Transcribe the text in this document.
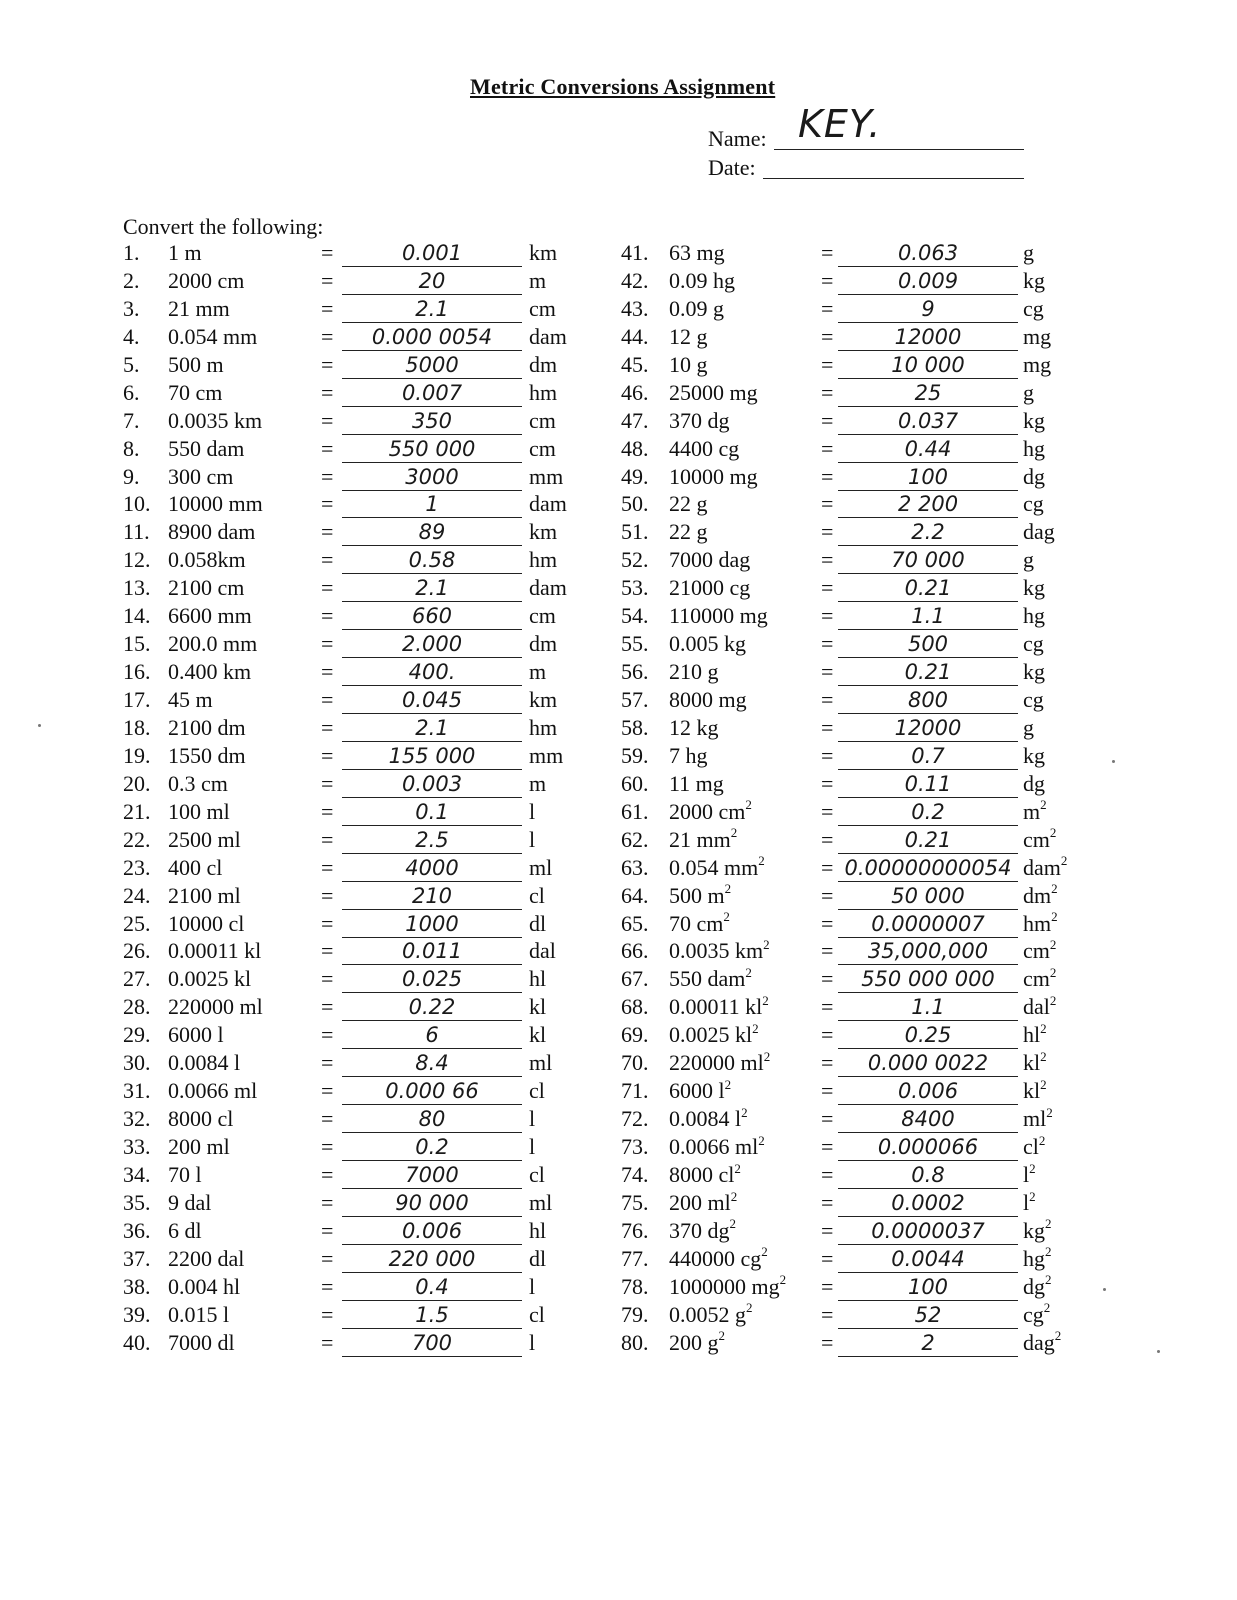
Metric Conversions Assignment
Name: KEY.
Date:
Convert the following:
1. 1 m	=	0.001	km
2. 2000 cm	=	20	m
3. 21 mm	=	2.1	cm
4. 0.054 mm	=	0.000 0054	dam
5. 500 m	=	5000	dm
6. 70 cm	=	0.007	hm
7. 0.0035 km	=	350	cm
8. 550 dam	=	550 000	cm
9. 300 cm	=	3000	mm
10. 10000 mm	=	1	dam
11. 8900 dam	=	89	km
12. 0.058km	=	0.58	hm
13. 2100 cm	=	2.1	dam
14. 6600 mm	=	660	cm
15. 200.0 mm	=	2.000	dm
16. 0.400 km	=	400.	m
17. 45 m	=	0.045	km
18. 2100 dm	=	2.1	hm
19. 1550 dm	=	155 000	mm
20. 0.3 cm	=	0.003	m
21. 100 ml	=	0.1	l
22. 2500 ml	=	2.5	l
23. 400 cl	=	4000	ml
24. 2100 ml	=	210	cl
25. 10000 cl	=	1000	dl
26. 0.00011 kl	=	0.011	dal
27. 0.0025 kl	=	0.025	hl
28. 220000 ml	=	0.22	kl
29. 6000 l	=	6	kl
30. 0.0084 l	=	8.4	ml
31. 0.0066 ml	=	0.000 66	cl
32. 8000 cl	=	80	l
33. 200 ml	=	0.2	l
34. 70 l	=	7000	cl
35. 9 dal	=	90 000	ml
36. 6 dl	=	0.006	hl
37. 2200 dal	=	220 000	dl
38. 0.004 hl	=	0.4	l
39. 0.015 l	=	1.5	cl
40. 7000 dl	=	700	l
41. 63 mg	=	0.063	g
42. 0.09 hg	=	0.009	kg
43. 0.09 g	=	9	cg
44. 12 g	=	12000	mg
45. 10 g	=	10 000	mg
46. 25000 mg	=	25	g
47. 370 dg	=	0.037	kg
48. 4400 cg	=	0.44	hg
49. 10000 mg	=	100	dg
50. 22 g	=	2 200	cg
51. 22 g	=	2.2	dag
52. 7000 dag	=	70 000	g
53. 21000 cg	=	0.21	kg
54. 110000 mg =	1.1	hg
55. 0.005 kg	=	500	cg
56. 210 g	=	0.21	kg
57. 8000 mg	=	800	cg
58. 12 kg	=	12000	g
59. 7 hg	=	0.7	kg
60. 11 mg	=	0.11	dg
61. 2000 $cm^2$	=	0.2	$m^2$
62. 21 $mm^2$	=	0.21	$cm^2$
63. 0.054 $mm^2$	= 0.00000000054 dam$^2$
64. 500 $m^2$	=	50 000	$dm^2$
65. 70 $cm^2$	=	0.0000007	$hm^2$
66. 0.0035 $km^2$ =	35,000,000	$cm^2$
67. 550 dam$^2$	=	550 000 000	$cm^2$
68. 0.00011 $kl^2$ =	1.1	dal$^2$
69. 0.0025 $kl^2$	=	0.25	$hl^2$
70. 220000 $ml^2$ =	0.000 0022	$kl^2$
71. 6000 $l^2$	=	0.006	$kl^2$
72. 0.0084 $l^2$	=	8400	$ml^2$
73. 0.0066 $ml^2$	=	0.000066	$cl^2$
74. 8000 $cl^2$	=	0.8	$l^2$
75. 200 $ml^2$	=	0.0002	$l^2$
76. 370 $dg^2$	=	0.0000037	$kg^2$
77. 440000 $cg^2$ =	0.0044	$hg^2$
78. 1000000 $mg^2$ =	100	$dg^2$
79. 0.0052 $g^2$	=	52	$cg^2$
80. 200 $g^2$	=	2	dag$^2$
